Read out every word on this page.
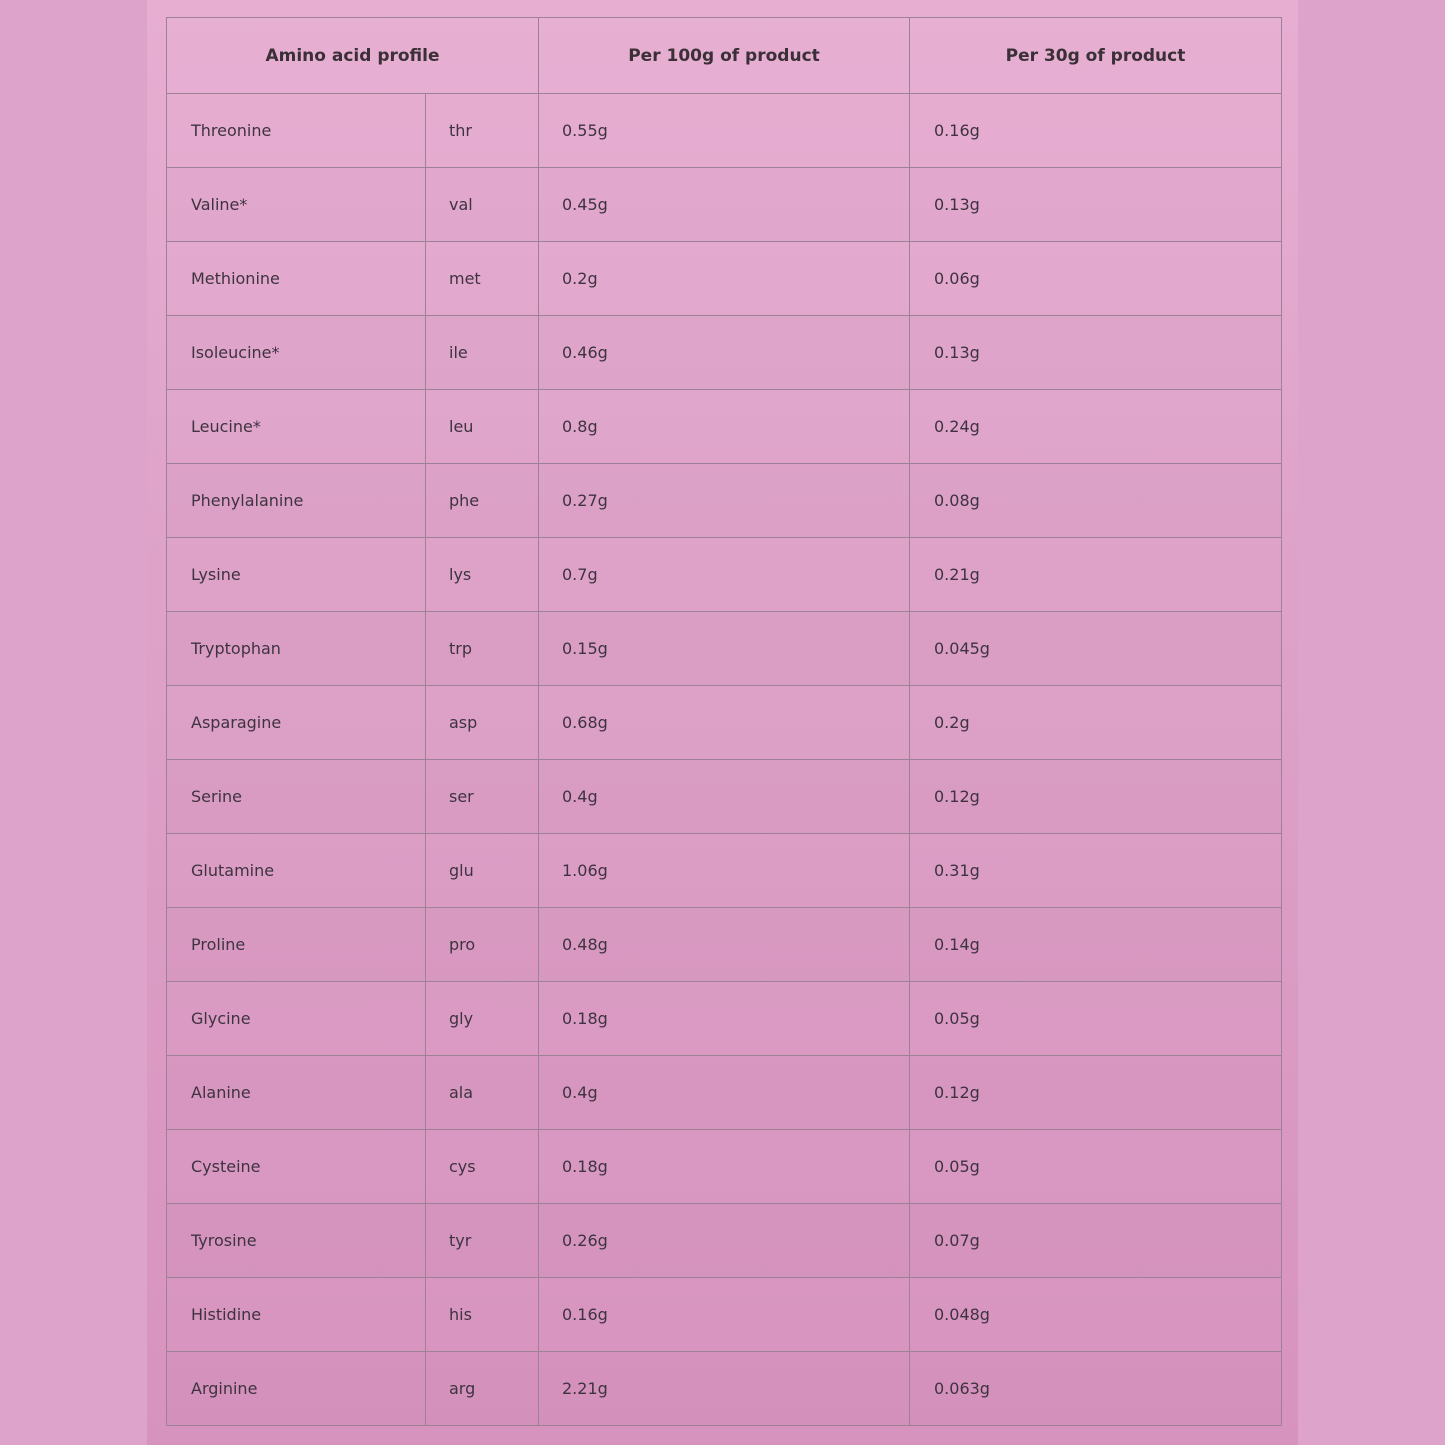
Amino acid profile		Per 100g of product	Per 30g of product
Threonine	thr	0.55g	0.16g
Valine*	val	0.45g	0.13g
Methionine	met	0.2g	0.06g
Isoleucine*	ile	0.46g	0.13g
Leucine*	leu	0.8g	0.24g
Phenylalanine	phe	0.27g	0.08g
Lysine	lys	0.7g	0.21g
Tryptophan	trp	0.15g	0.045g
Asparagine	asp	0.68g	0.2g
Serine	ser	0.4g	0.12g
Glutamine	glu	1.06g	0.31g
Proline	pro	0.48g	0.14g
Glycine	gly	0.18g	0.05g
Alanine	ala	0.4g	0.12g
Cysteine	cys	0.18g	0.05g
Tyrosine	tyr	0.26g	0.07g
Histidine	his	0.16g	0.048g
Arginine	arg	2.21g	0.063g
